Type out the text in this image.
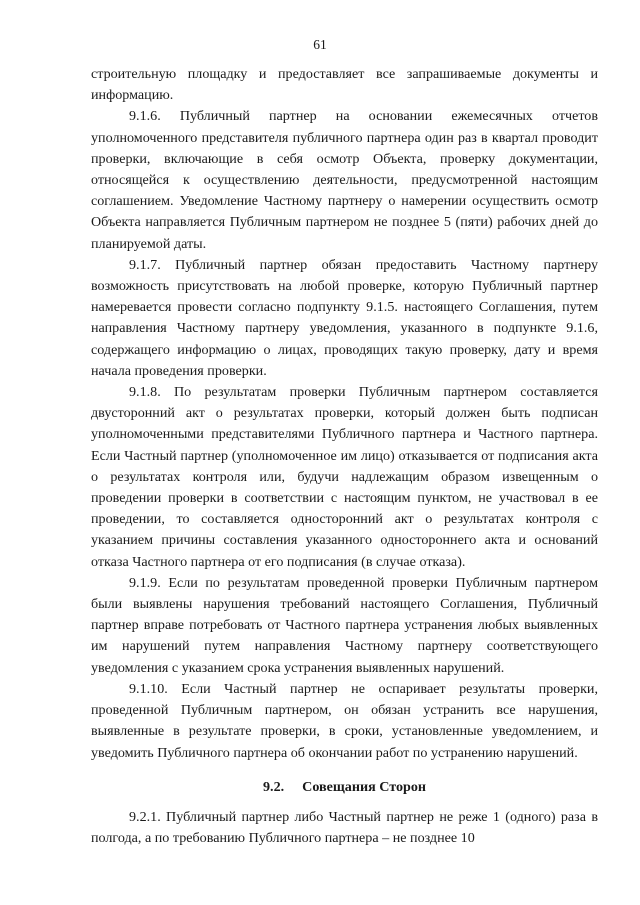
61

строительную площадку и предоставляет все запрашиваемые документы и информацию.

9.1.6. Публичный партнер на основании ежемесячных отчетов уполномоченного представителя публичного партнера один раз в квартал проводит проверки, включающие в себя осмотр Объекта, проверку документации, относящейся к осуществлению деятельности, предусмотренной настоящим соглашением. Уведомление Частному партнеру о намерении осуществить осмотр Объекта направляется Публичным партнером не позднее 5 (пяти) рабочих дней до планируемой даты.

9.1.7. Публичный партнер обязан предоставить Частному партнеру возможность присутствовать на любой проверке, которую Публичный партнер намеревается провести согласно подпункту 9.1.5. настоящего Соглашения, путем направления Частному партнеру уведомления, указанного в подпункте 9.1.6, содержащего информацию о лицах, проводящих такую проверку, дату и время начала проведения проверки.

9.1.8. По результатам проверки Публичным партнером составляется двусторонний акт о результатах проверки, который должен быть подписан уполномоченными представителями Публичного партнера и Частного партнера. Если Частный партнер (уполномоченное им лицо) отказывается от подписания акта о результатах контроля или, будучи надлежащим образом извещенным о проведении проверки в соответствии с настоящим пунктом, не участвовал в ее проведении, то составляется односторонний акт о результатах контроля с указанием причины составления указанного одностороннего акта и оснований отказа Частного партнера от его подписания (в случае отказа).

9.1.9. Если по результатам проведенной проверки Публичным партнером были выявлены нарушения требований настоящего Соглашения, Публичный партнер вправе потребовать от Частного партнера устранения любых выявленных им нарушений путем направления Частному партнеру соответствующего уведомления с указанием срока устранения выявленных нарушений.

9.1.10. Если Частный партнер не оспаривает результаты проверки, проведенной Публичным партнером, он обязан устранить все нарушения, выявленные в результате проверки, в сроки, установленные уведомлением, и уведомить Публичного партнера об окончании работ по устранению нарушений.

9.2. Совещания Сторон

9.2.1. Публичный партнер либо Частный партнер не реже 1 (одного) раза в полгода, а по требованию Публичного партнера – не позднее 10
